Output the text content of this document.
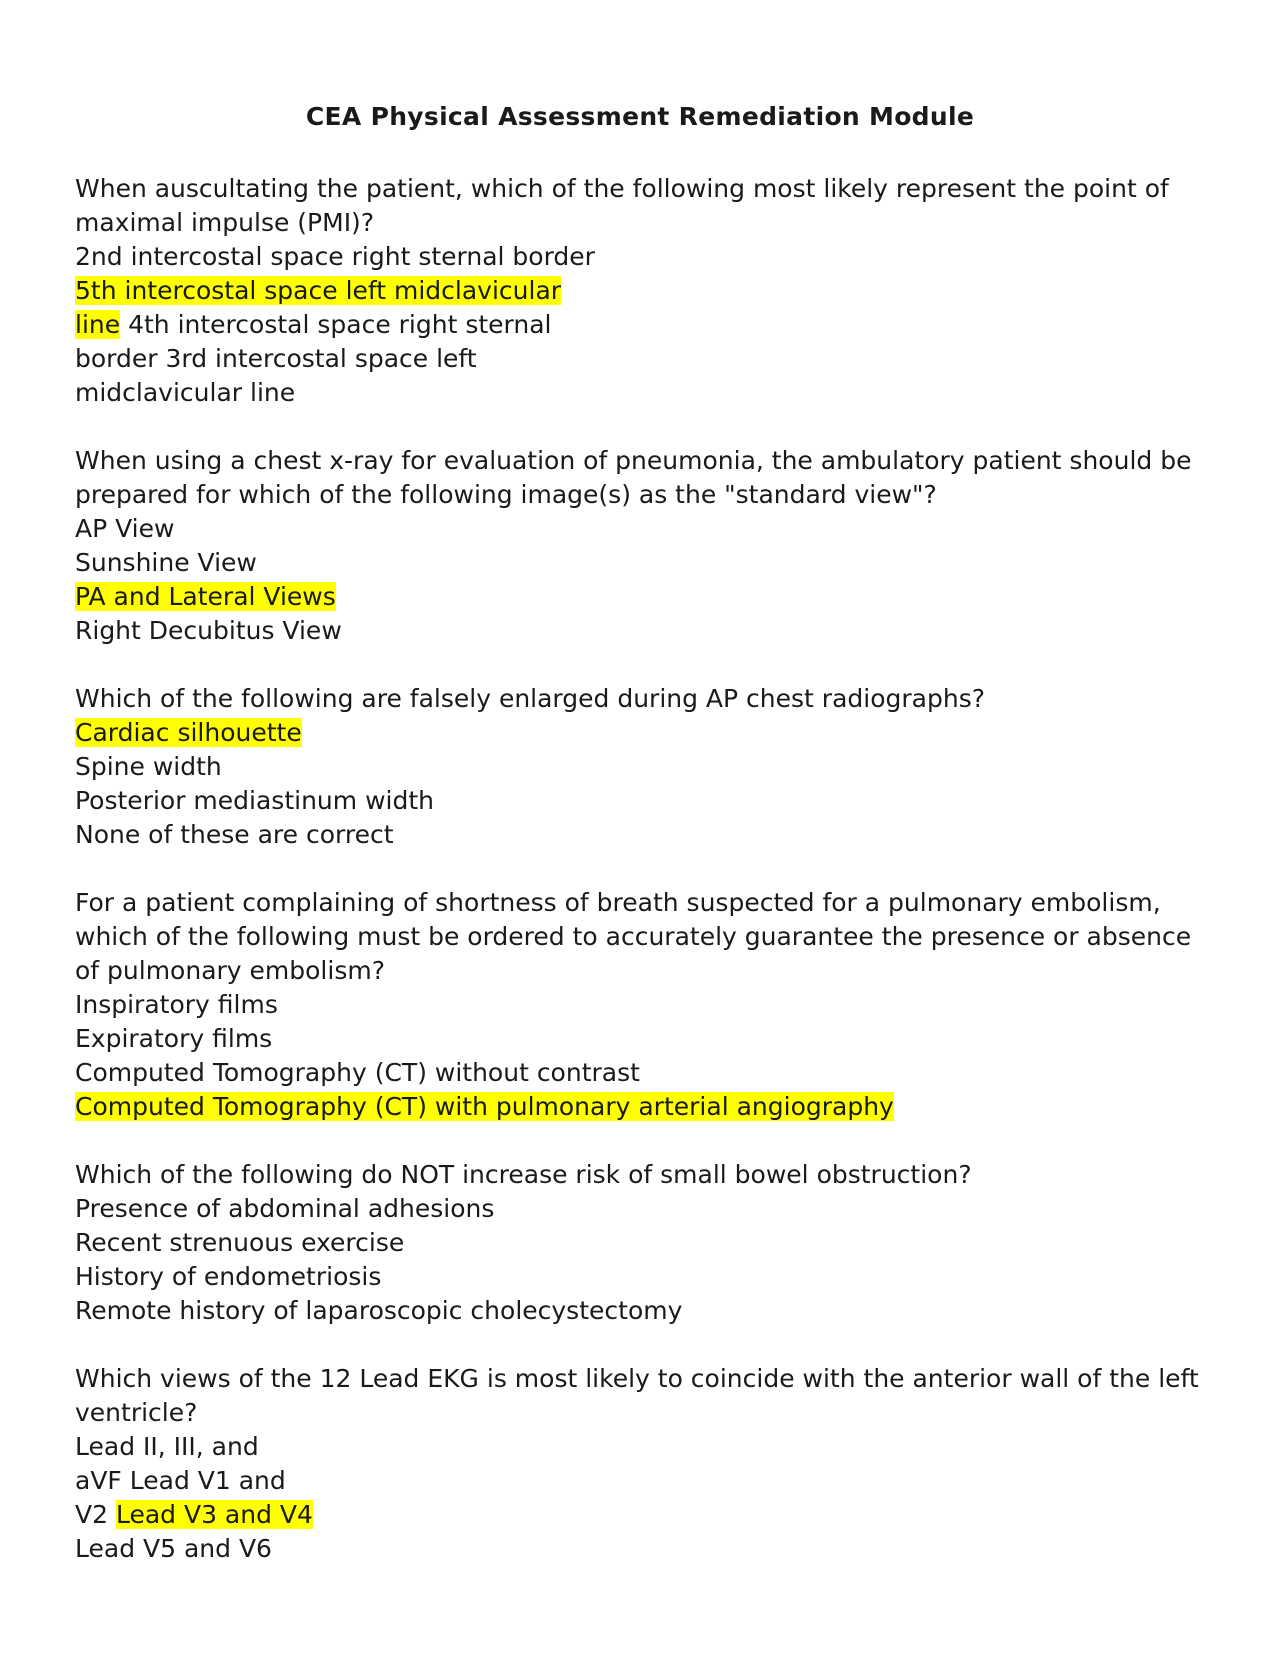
CEA Physical Assessment Remediation Module
When auscultating the patient, which of the following most likely represent the point of maximal impulse (PMI)?
2nd intercostal space right sternal border
5th intercostal space left midclavicular
line 4th intercostal space right sternal
border 3rd intercostal space left
midclavicular line
When using a chest x-ray for evaluation of pneumonia, the ambulatory patient should be prepared for which of the following image(s) as the "standard view"?
AP View
Sunshine View
PA and Lateral Views
Right Decubitus View
Which of the following are falsely enlarged during AP chest radiographs?
Cardiac silhouette
Spine width
Posterior mediastinum width
None of these are correct
For a patient complaining of shortness of breath suspected for a pulmonary embolism, which of the following must be ordered to accurately guarantee the presence or absence of pulmonary embolism?
Inspiratory films
Expiratory films
Computed Tomography (CT) without contrast
Computed Tomography (CT) with pulmonary arterial angiography
Which of the following do NOT increase risk of small bowel obstruction?
Presence of abdominal adhesions
Recent strenuous exercise
History of endometriosis
Remote history of laparoscopic cholecystectomy
Which views of the 12 Lead EKG is most likely to coincide with the anterior wall of the left ventricle?
Lead II, III, and
aVF Lead V1 and
V2 Lead V3 and V4
Lead V5 and V6
